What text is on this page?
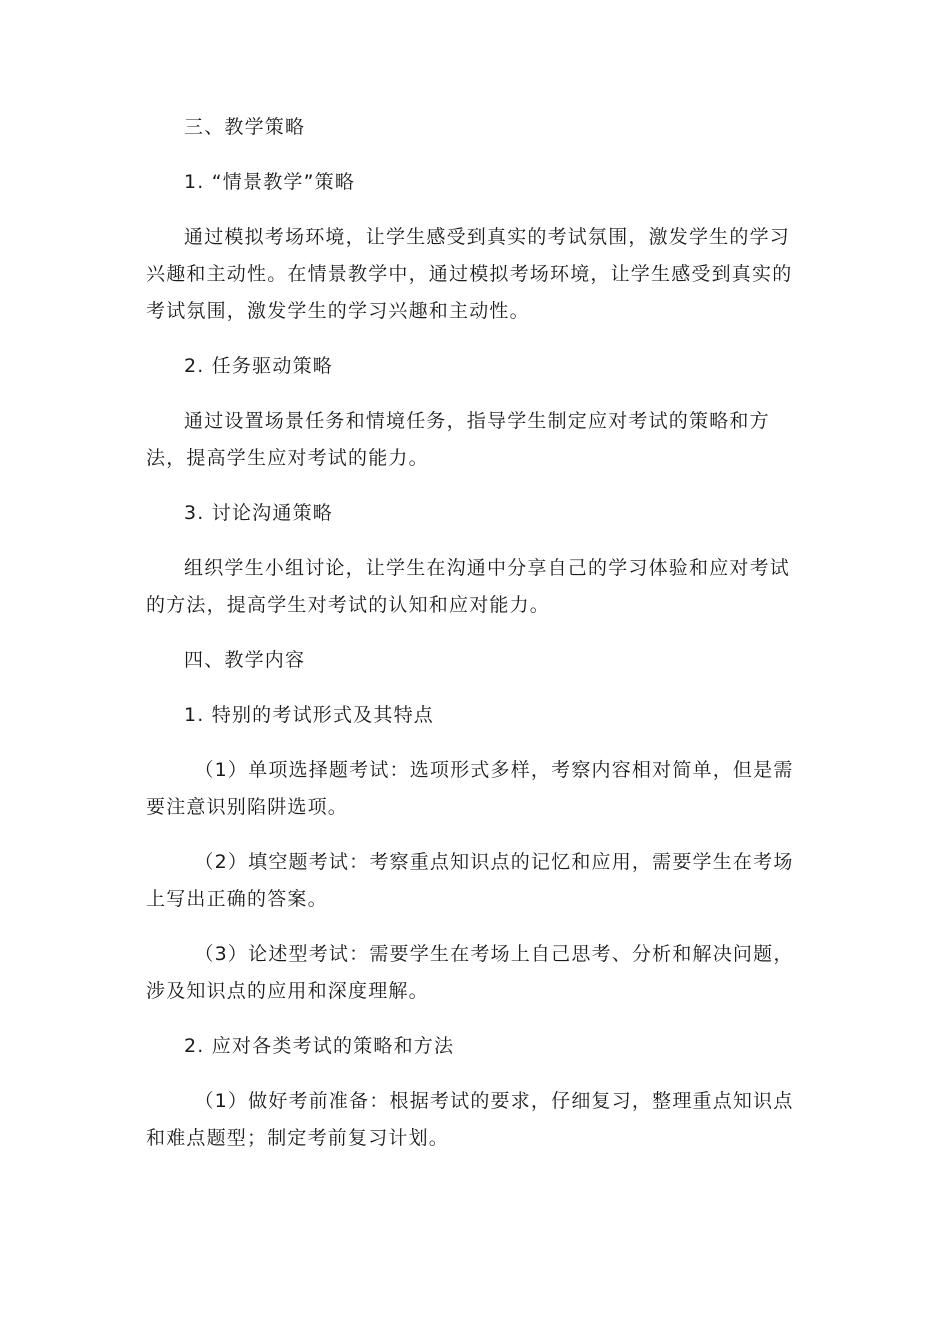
三、教学策略

1. “情景教学”策略

通过模拟考场环境，让学生感受到真实的考试氛围，激发学生的学习兴趣和主动性。在情景教学中，通过模拟考场环境，让学生感受到真实的考试氛围，激发学生的学习兴趣和主动性。

2. 任务驱动策略

通过设置场景任务和情境任务，指导学生制定应对考试的策略和方法，提高学生应对考试的能力。

3. 讨论沟通策略

组织学生小组讨论，让学生在沟通中分享自己的学习体验和应对考试的方法，提高学生对考试的认知和应对能力。

四、教学内容

1. 特别的考试形式及其特点

（1）单项选择题考试：选项形式多样，考察内容相对简单，但是需要注意识别陷阱选项。

（2）填空题考试：考察重点知识点的记忆和应用，需要学生在考场上写出正确的答案。

（3）论述型考试：需要学生在考场上自己思考、分析和解决问题，涉及知识点的应用和深度理解。

2. 应对各类考试的策略和方法

（1）做好考前准备：根据考试的要求，仔细复习，整理重点知识点和难点题型；制定考前复习计划。
